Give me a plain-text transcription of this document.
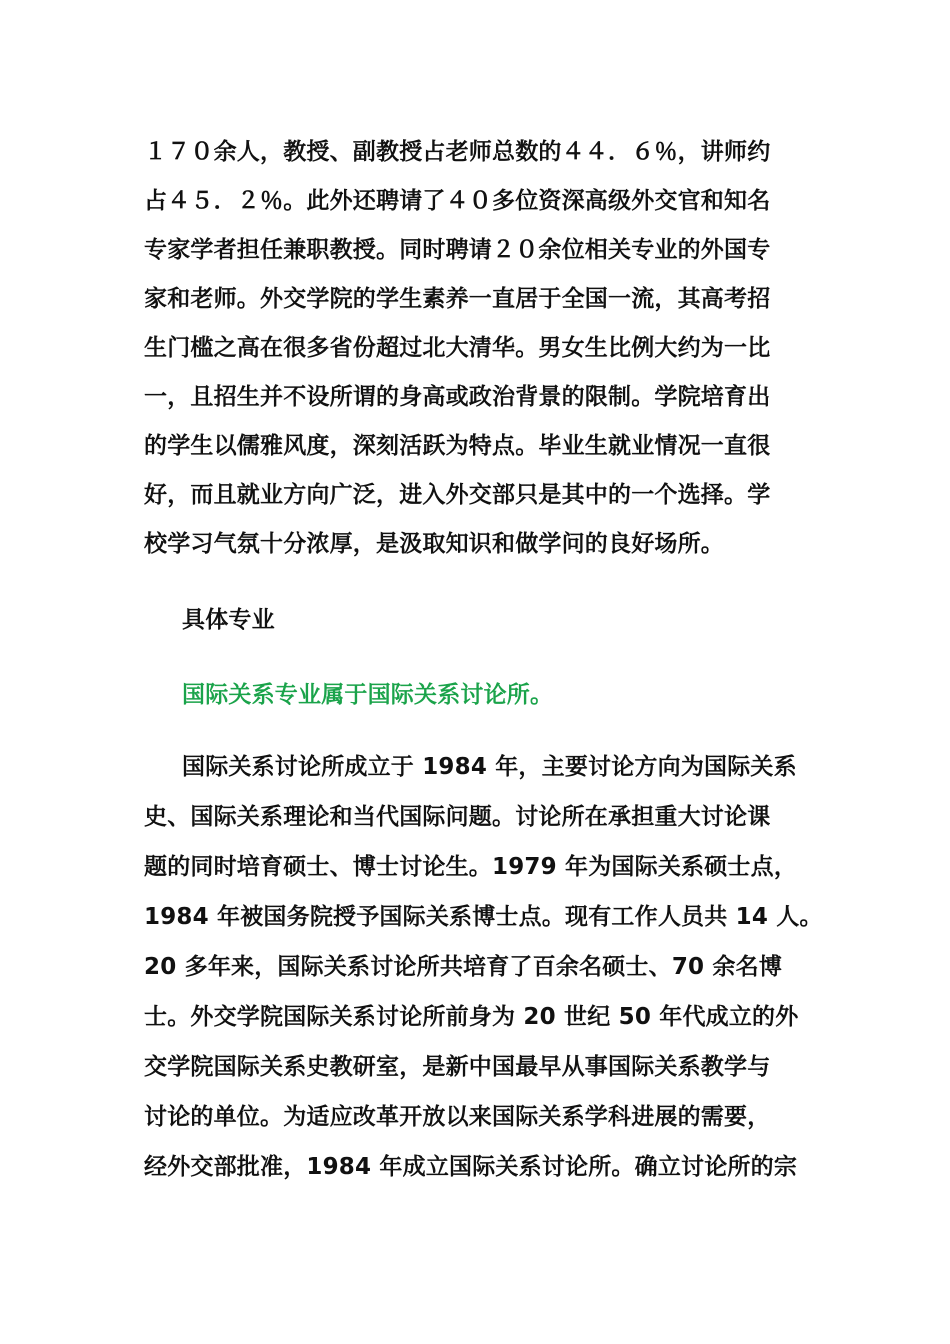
１７０余人，教授、副教授占老师总数的４４．６％，讲师约
占４５．２％。此外还聘请了４０多位资深高级外交官和知名
专家学者担任兼职教授。同时聘请２０余位相关专业的外国专
家和老师。外交学院的学生素养一直居于全国一流，其高考招
生门槛之高在很多省份超过北大清华。男女生比例大约为一比
一，且招生并不设所谓的身高或政治背景的限制。学院培育出
的学生以儒雅风度，深刻活跃为特点。毕业生就业情况一直很
好，而且就业方向广泛，进入外交部只是其中的一个选择。学
校学习气氛十分浓厚，是汲取知识和做学问的良好场所。
具体专业
国际关系专业属于国际关系讨论所。
国际关系讨论所成立于 1984 年，主要讨论方向为国际关系
史、国际关系理论和当代国际问题。讨论所在承担重大讨论课
题的同时培育硕士、博士讨论生。1979 年为国际关系硕士点，
1984 年被国务院授予国际关系博士点。现有工作人员共 14 人。
20 多年来，国际关系讨论所共培育了百余名硕士、70 余名博
士。外交学院国际关系讨论所前身为 20 世纪 50 年代成立的外
交学院国际关系史教研室，是新中国最早从事国际关系教学与
讨论的单位。为适应改革开放以来国际关系学科进展的需要，
经外交部批准，1984 年成立国际关系讨论所。确立讨论所的宗
